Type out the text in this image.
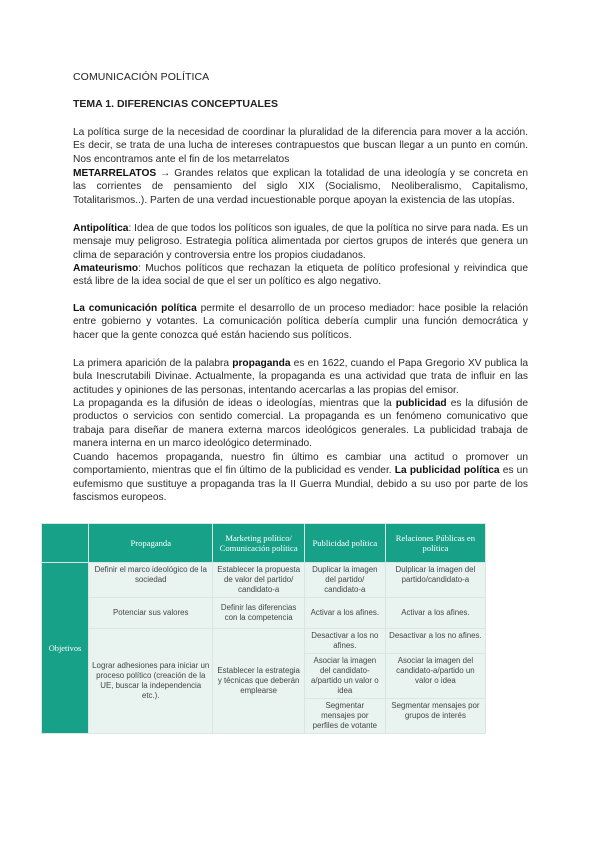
COMUNICACIÓN POLÍTICA
TEMA 1. DIFERENCIAS CONCEPTUALES
La política surge de la necesidad de coordinar la pluralidad de la diferencia para mover a la acción. Es decir, se trata de una lucha de intereses contrapuestos que buscan llegar a un punto en común. Nos encontramos ante el fin de los metarrelatos
METARRELATOS → Grandes relatos que explican la totalidad de una ideología y se concreta en las corrientes de pensamiento del siglo XIX (Socialismo, Neoliberalismo, Capitalismo, Totalitarismos..). Parten de una verdad incuestionable porque apoyan la existencia de las utopías.
Antipolítica: Idea de que todos los políticos son iguales, de que la política no sirve para nada. Es un mensaje muy peligroso. Estrategia política alimentada por ciertos grupos de interés que genera un clima de separación y controversia entre los propios ciudadanos.
Amateurismo: Muchos políticos que rechazan la etiqueta de político profesional y reivindica que está libre de la idea social de que el ser un político es algo negativo.
La comunicación política permite el desarrollo de un proceso mediador: hace posible la relación entre gobierno y votantes. La comunicación política debería cumplir una función democrática y hacer que la gente conozca qué están haciendo sus políticos.
La primera aparición de la palabra propaganda es en 1622, cuando el Papa Gregorio XV publica la bula Inescrutabili Divinae. Actualmente, la propaganda es una actividad que trata de influir en las actitudes y opiniones de las personas, intentando acercarlas a las propias del emisor.
La propaganda es la difusión de ideas o ideologías, mientras que la publicidad es la difusión de productos o servicios con sentido comercial. La propaganda es un fenómeno comunicativo que trabaja para diseñar de manera externa marcos ideológicos generales. La publicidad trabaja de manera interna en un marco ideológico determinado.
Cuando hacemos propaganda, nuestro fin último es cambiar una actitud o promover un comportamiento, mientras que el fin último de la publicidad es vender. La publicidad política es un eufemismo que sustituye a propaganda tras la II Guerra Mundial, debido a su uso por parte de los fascismos europeos.
	Propaganda	Marketing político/ Comunicación política	Publicidad política	Relaciones Públicas en política
Objetivos	Definir el marco ideológico de la sociedad	Establecer la propuesta de valor del partido/ candidato-a	Duplicar la imagen del partido/ candidato-a	Dulplicar la imagen del partido/candidato-a
	Potenciar sus valores	Definir las diferencias con la competencia	Activar a los afines.	Activar a los afines.
	Lograr adhesiones para iniciar un proceso político (creación de la UE, buscar la independencia etc.).	Establecer la estrategia y técnicas que deberán emplearse	Desactivar a los no afines.	Desactivar a los no afines.
			Asociar la imagen del candidato-a/partido un valor o idea	Asociar la imagen del candidato-a/partido un valor o idea
			Segmentar mensajes por perfiles de votante	Segmentar mensajes por grupos de interés
